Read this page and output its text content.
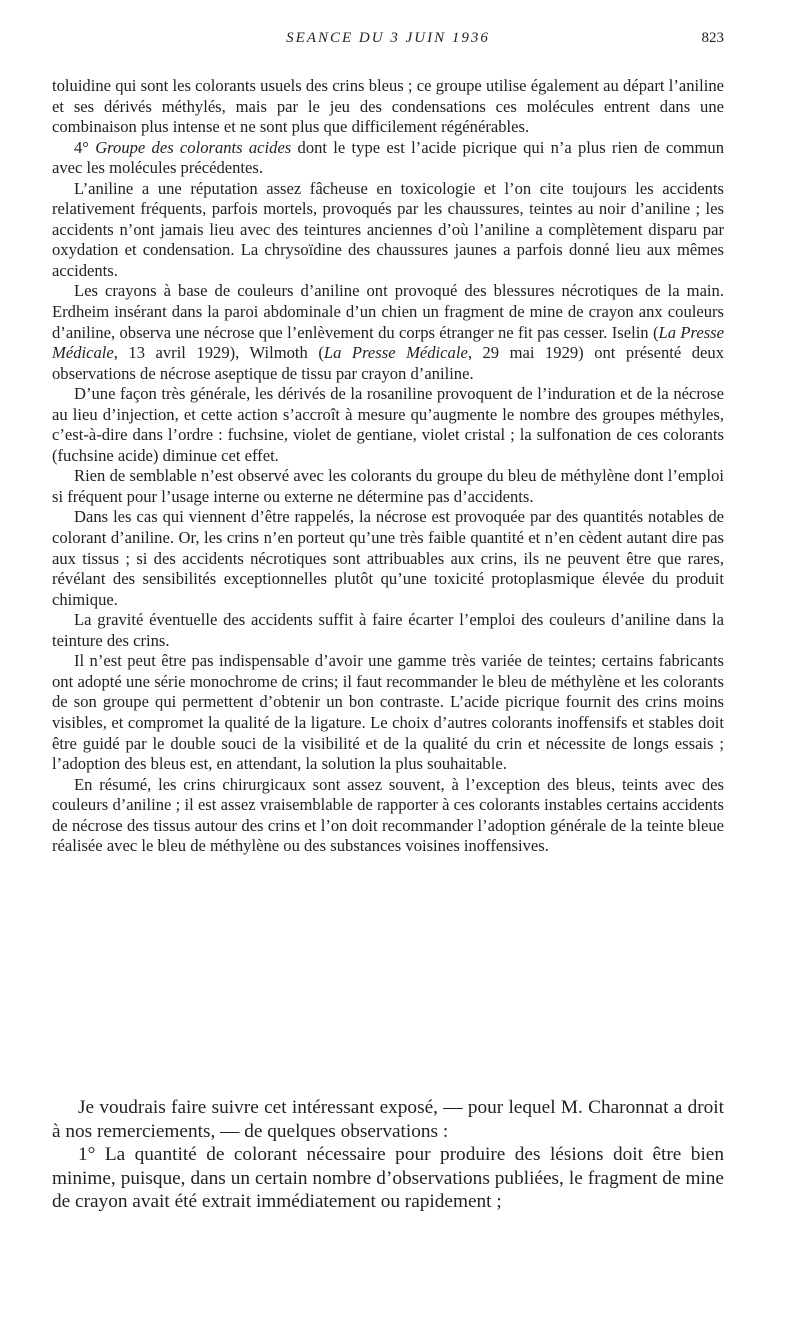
SEANCE DU 3 JUIN 1936	823

toluidine qui sont les colorants usuels des crins bleus ; ce groupe utilise également au départ l’aniline et ses dérivés méthylés, mais par le jeu des condensations ces molécules entrent dans une combinaison plus intense et ne sont plus que difficilement régénérables.

4° Groupe des colorants acides dont le type est l’acide picrique qui n’a plus rien de commun avec les molécules précédentes.

L’aniline a une réputation assez fâcheuse en toxicologie et l’on cite toujours les accidents relativement fréquents, parfois mortels, provoqués par les chaussures, teintes au noir d’aniline ; les accidents n’ont jamais lieu avec des teintures anciennes d’où l’aniline a complètement disparu par oxydation et condensation. La chrysoïdine des chaussures jaunes a parfois donné lieu aux mêmes accidents.

Les crayons à base de couleurs d’aniline ont provoqué des blessures nécrotiques de la main. Erdheim insérant dans la paroi abdominale d’un chien un fragment de mine de crayon anx couleurs d’aniline, observa une nécrose que l’enlèvement du corps étranger ne fit pas cesser. Iselin (La Presse Médicale, 13 avril 1929), Wilmoth (La Presse Médicale, 29 mai 1929) ont présenté deux observations de nécrose aseptique de tissu par crayon d’aniline.

D’une façon très générale, les dérivés de la rosaniline provoquent de l’induration et de la nécrose au lieu d’injection, et cette action s’accroît à mesure qu’augmente le nombre des groupes méthyles, c’est-à-dire dans l’ordre : fuchsine, violet de gentiane, violet cristal ; la sulfonation de ces colorants (fuchsine acide) diminue cet effet.

Rien de semblable n’est observé avec les colorants du groupe du bleu de méthylène dont l’emploi si fréquent pour l’usage interne ou externe ne détermine pas d’accidents.

Dans les cas qui viennent d’être rappelés, la nécrose est provoquée par des quantités notables de colorant d’aniline. Or, les crins n’en porteut qu’une très faible quantité et n’en cèdent autant dire pas aux tissus ; si des accidents nécrotiques sont attribuables aux crins, ils ne peuvent être que rares, révélant des sensibilités exceptionnelles plutôt qu’une toxicité protoplasmique élevée du produit chimique.

La gravité éventuelle des accidents suffit à faire écarter l’emploi des couleurs d’aniline dans la teinture des crins.

Il n’est peut être pas indispensable d’avoir une gamme très variée de teintes; certains fabricants ont adopté une série monochrome de crins; il faut recommander le bleu de méthylène et les colorants de son groupe qui permettent d’obtenir un bon contraste. L’acide picrique fournit des crins moins visibles, et compromet la qualité de la ligature. Le choix d’autres colorants inoffensifs et stables doit être guidé par le double souci de la visibilité et de la qualité du crin et nécessite de longs essais ; l’adoption des bleus est, en attendant, la solution la plus souhaitable.

En résumé, les crins chirurgicaux sont assez souvent, à l’exception des bleus, teints avec des couleurs d’aniline ; il est assez vraisemblable de rapporter à ces colorants instables certains accidents de nécrose des tissus autour des crins et l’on doit recommander l’adoption générale de la teinte bleue réalisée avec le bleu de méthylène ou des substances voisines inoffensives.

Je voudrais faire suivre cet intéressant exposé, — pour lequel M. Charonnat a droit à nos remerciements, — de quelques observations :

1° La quantité de colorant nécessaire pour produire des lésions doit être bien minime, puisque, dans un certain nombre d’observations publiées, le fragment de mine de crayon avait été extrait immédiatement ou rapidement ;
